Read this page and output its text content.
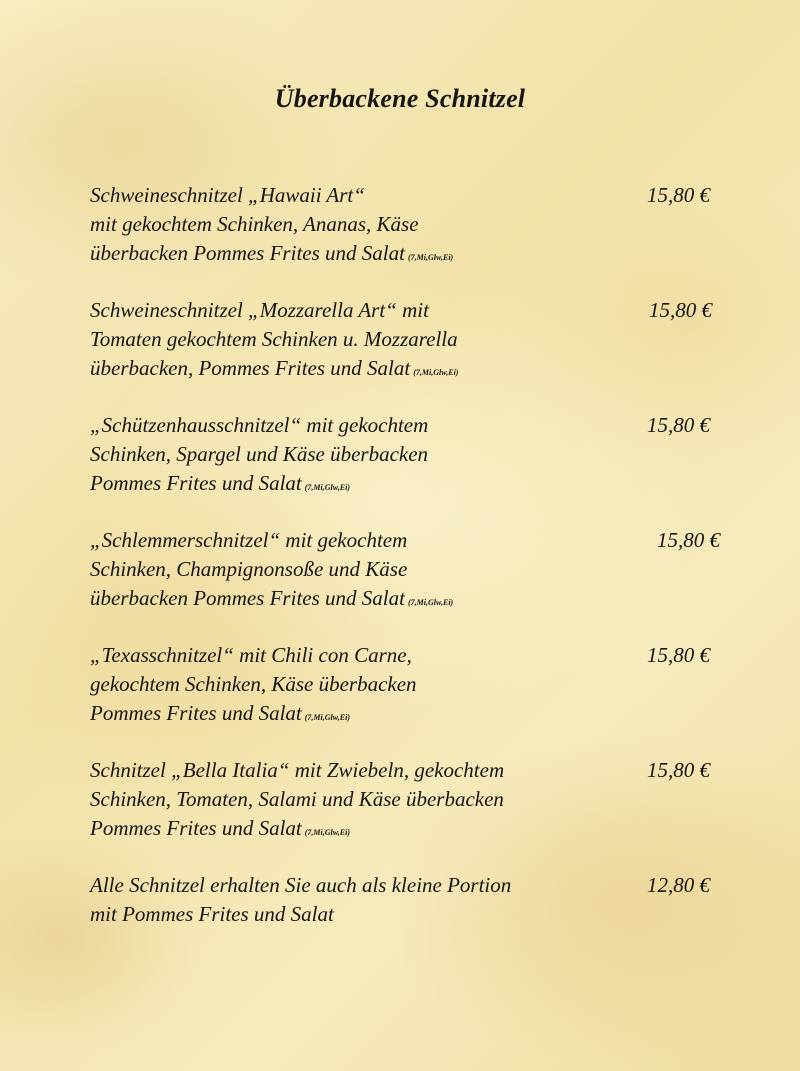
Überbackene Schnitzel
Schweineschnitzel „Hawaii Art“
mit gekochtem Schinken, Ananas, Käse
überbacken Pommes Frites und Salat (7,Mi,Glw,Ei)
15,80 €
Schweineschnitzel „Mozzarella Art“ mit
Tomaten gekochtem Schinken u. Mozzarella
überbacken, Pommes Frites und Salat (7,Mi,Glw,Ei)
15,80 €
„Schützenhausschnitzel“ mit gekochtem
Schinken, Spargel und Käse überbacken
Pommes Frites und Salat (7,Mi,Glw,Ei)
15,80 €
„Schlemmerschnitzel“ mit gekochtem
Schinken, Champignonsoße und Käse
überbacken Pommes Frites und Salat (7,Mi,Glw,Ei)
15,80 €
„Texasschnitzel“ mit Chili con Carne,
gekochtem Schinken, Käse überbacken
Pommes Frites und Salat (7,Mi,Glw,Ei)
15,80 €
Schnitzel „Bella Italia“ mit Zwiebeln, gekochtem
Schinken, Tomaten, Salami und Käse überbacken
Pommes Frites und Salat (7,Mi,Glw,Ei)
15,80 €
Alle Schnitzel erhalten Sie auch als kleine Portion
mit Pommes Frites und Salat
12,80 €
